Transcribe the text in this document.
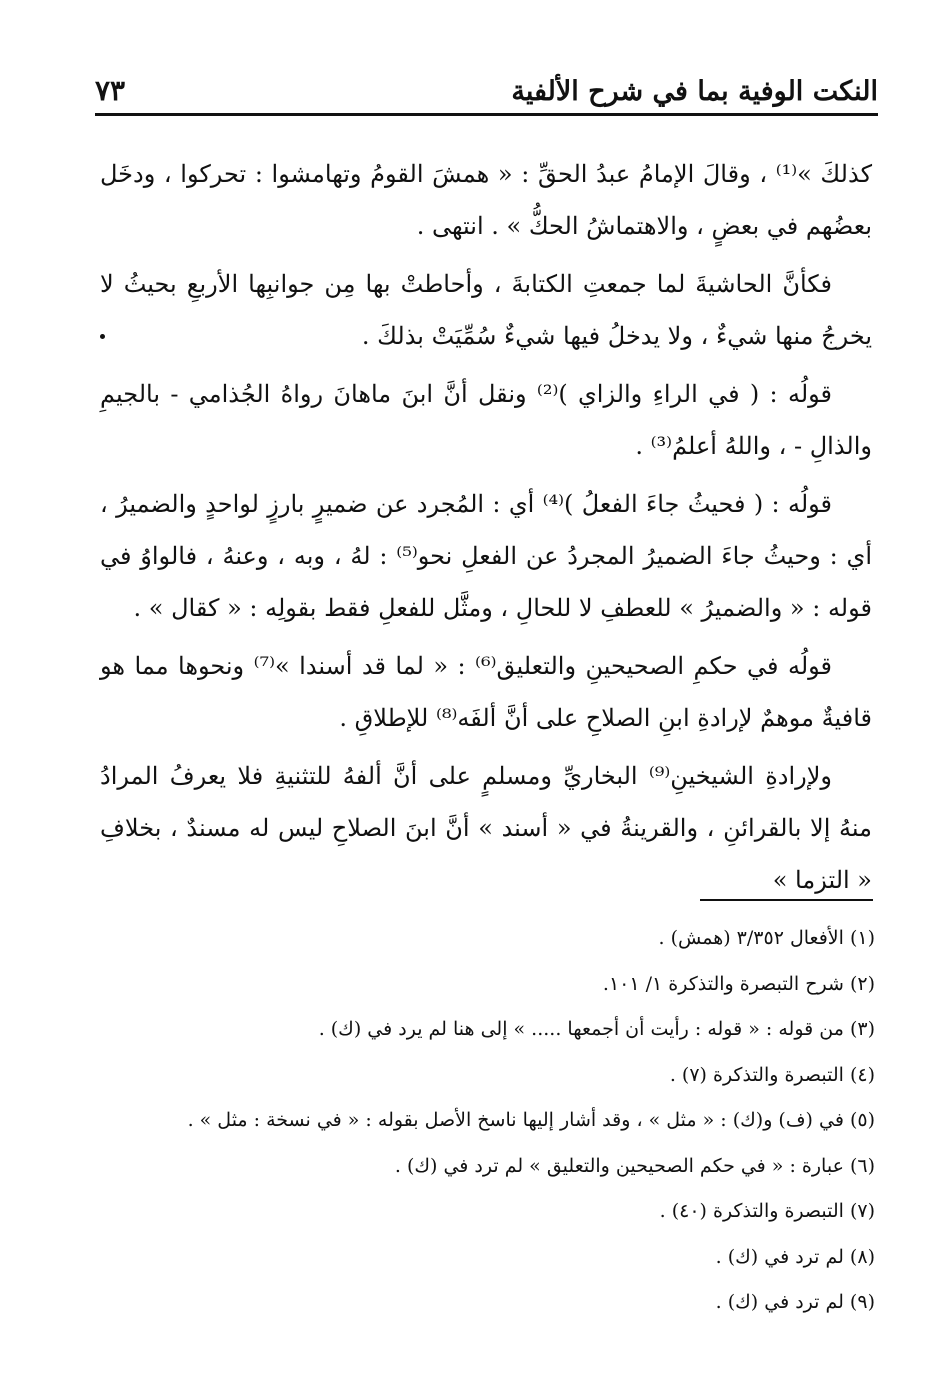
النكت الوفية بما في شرح الألفية
٧٣

كذلكَ »⁽¹⁾ ، وقالَ الإمامُ عبدُ الحقِّ : « همشَ القومُ وتهامشوا : تحركوا ، ودخَل بعضُهم في بعضٍ ، والاهتماشُ الحكُّ » . انتهى .

فكأنَّ الحاشيةَ لما جمعتِ الكتابةَ ، وأحاطتْ بها مِن جوانبِها الأربعِ بحيثُ لا يخرجُ منها شيءٌ ، ولا يدخلُ فيها شيءٌ سُمِّيَتْ بذلكَ .

قولُه : ( في الراءِ والزاي )⁽²⁾ ونقل أنَّ ابنَ ماهانَ رواهُ الجُذامي - بالجيمِ والذالِ - ، واللهُ أعلمُ⁽³⁾ .

قولُه : ( فحيثُ جاءَ الفعلُ )⁽⁴⁾ أي : المُجرد عن ضميرٍ بارزٍ لواحدٍ والضميرُ ، أي : وحيثُ جاءَ الضميرُ المجردُ عن الفعلِ نحو⁽⁵⁾ : لهُ ، وبه ، وعنهُ ، فالواوُ في قوله : « والضميرُ » للعطفِ لا للحالِ ، ومثَّل للفعلِ فقط بقولِه : « كقال » .

قولُه في حكمِ الصحيحينِ والتعليق⁽⁶⁾ : « لما قد أسندا »⁽⁷⁾ ونحوها مما هو قافيةٌ موهمٌ لإرادةِ ابنِ الصلاحِ على أنَّ ألفَه⁽⁸⁾ للإطلاقِ .

ولإرادةِ الشيخينِ⁽⁹⁾ البخاريِّ ومسلمٍ على أنَّ ألفهُ للتثنيةِ فلا يعرفُ المرادُ منهُ إلا بالقرائنِ ، والقرينةُ في « أسند » أنَّ ابنَ الصلاحِ ليس له مسندٌ ، بخلافِ « التزما »

(١) الأفعال ٣/٣٥٢ (همش) .
(٢) شرح التبصرة والتذكرة ١/ ١٠١.
(٣) من قوله : « قوله : رأيت أن أجمعها ..... » إلى هنا لم يرد في (ك) .
(٤) التبصرة والتذكرة (٧) .
(٥) في (ف) و(ك) : « مثل » ، وقد أشار إليها ناسخ الأصل بقوله : « في نسخة : مثل » .
(٦) عبارة : « في حكم الصحيحين والتعليق » لم ترد في (ك) .
(٧) التبصرة والتذكرة (٤٠) .
(٨) لم ترد في (ك) .
(٩) لم ترد في (ك) .
